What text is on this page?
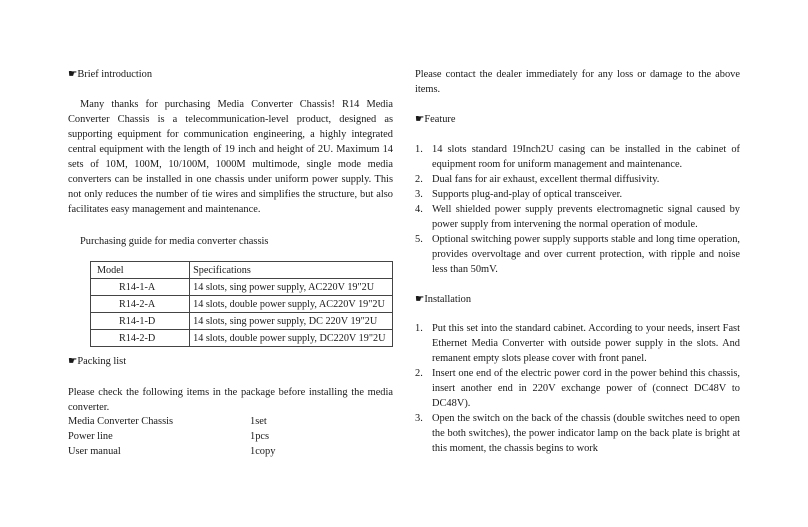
☛Brief introduction
Many thanks for purchasing Media Converter Chassis! R14 Media Converter Chassis is a telecommunication-level product, designed as supporting equipment for communication engineering, a highly integrated central equipment with the length of 19 inch and height of 2U. Maximum 14 sets of 10M, 100M, 10/100M, 1000M multimode, single mode media converters can be installed in one chassis under uniform power supply. This not only reduces the number of tie wires and simplifies the structure, but also facilitates easy management and maintenance.
Purchasing guide for media converter chassis
Model	Specifications
R14-1-A	14 slots, sing power supply, AC220V 19"2U
R14-2-A	14 slots, double power supply, AC220V 19"2U
R14-1-D	14 slots, sing power supply, DC 220V 19"2U
R14-2-D	14 slots, double power supply, DC220V 19"2U
☛Packing list
Please check the following items in the package before installing the media converter.
Media Converter Chassis	1set
Power line	1pcs
User manual	1copy
Please contact the dealer immediately for any loss or damage to the above items.
☛Feature
1. 14 slots standard 19Inch2U casing can be installed in the cabinet of equipment room for uniform management and maintenance.
2. Dual fans for air exhaust, excellent thermal diffusivity.
3. Supports plug-and-play of optical transceiver.
4. Well shielded power supply prevents electromagnetic signal caused by power supply from intervening the normal operation of module.
5. Optional switching power supply supports stable and long time operation, provides overvoltage and over current protection, with ripple and noise less than 50mV.
☛Installation
1. Put this set into the standard cabinet. According to your needs, insert Fast Ethernet Media Converter with outside power supply in the slots. And remanent empty slots please cover with front panel.
2. Insert one end of the electric power cord in the power behind this chassis, insert another end in 220V exchange power of (connect DC48V to DC48V).
3. Open the switch on the back of the chassis (double switches need to open the both switches), the power indicator lamp on the back plate is bright at this moment, the chassis begins to work
